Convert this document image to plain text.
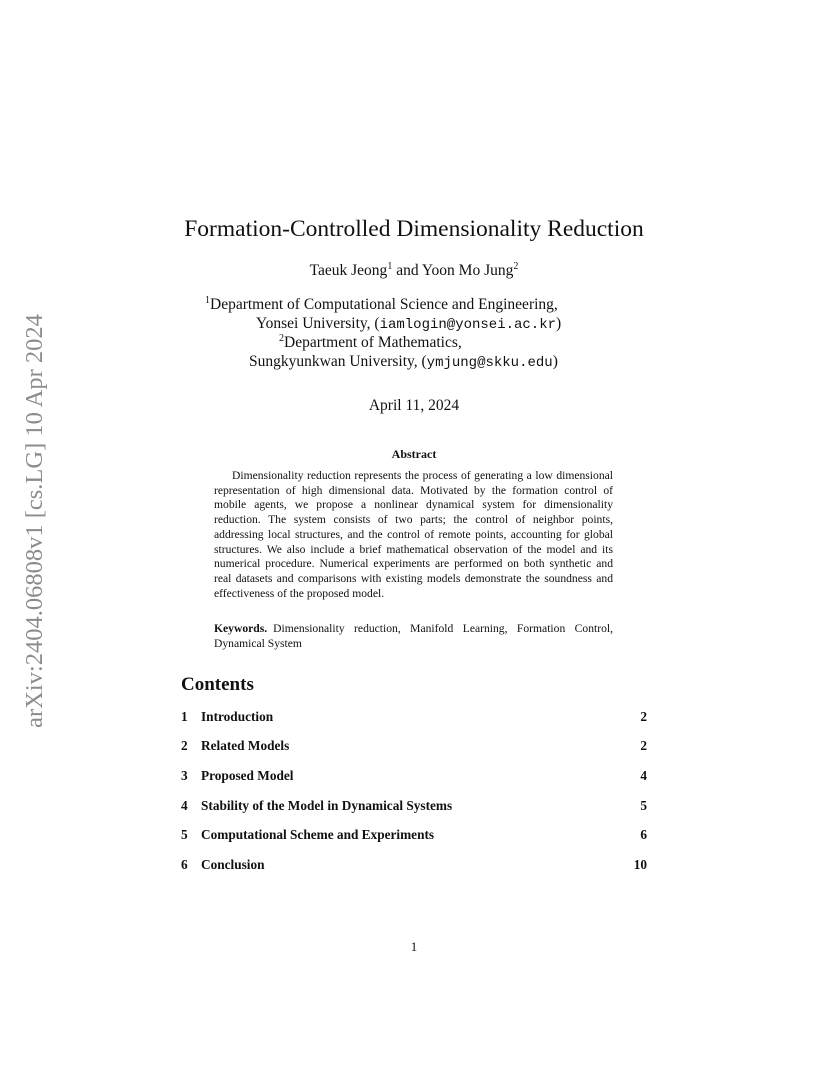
arXiv:2404.06808v1 [cs.LG] 10 Apr 2024
Formation-Controlled Dimensionality Reduction
Taeuk Jeong$^1$ and Yoon Mo Jung$^2$
$^1$Department of Computational Science and Engineering,
Yonsei University, (iamlogin@yonsei.ac.kr)
$^2$Department of Mathematics,
Sungkyunkwan University, (ymjung@skku.edu)
April 11, 2024
Abstract
Dimensionality reduction represents the process of generating a low dimensional representation of high dimensional data. Motivated by the formation control of mobile agents, we propose a nonlinear dynamical system for dimensionality reduction. The system consists of two parts; the control of neighbor points, addressing local structures, and the control of remote points, accounting for global structures. We also include a brief mathematical observation of the model and its numerical procedure. Numerical experiments are performed on both synthetic and real datasets and comparisons with existing models demonstrate the soundness and effectiveness of the proposed model.
Keywords. Dimensionality reduction, Manifold Learning, Formation Control, Dynamical System
Contents
1	Introduction	2
2	Related Models	2
3	Proposed Model	4
4	Stability of the Model in Dynamical Systems	5
5	Computational Scheme and Experiments	6
6	Conclusion	10
1
